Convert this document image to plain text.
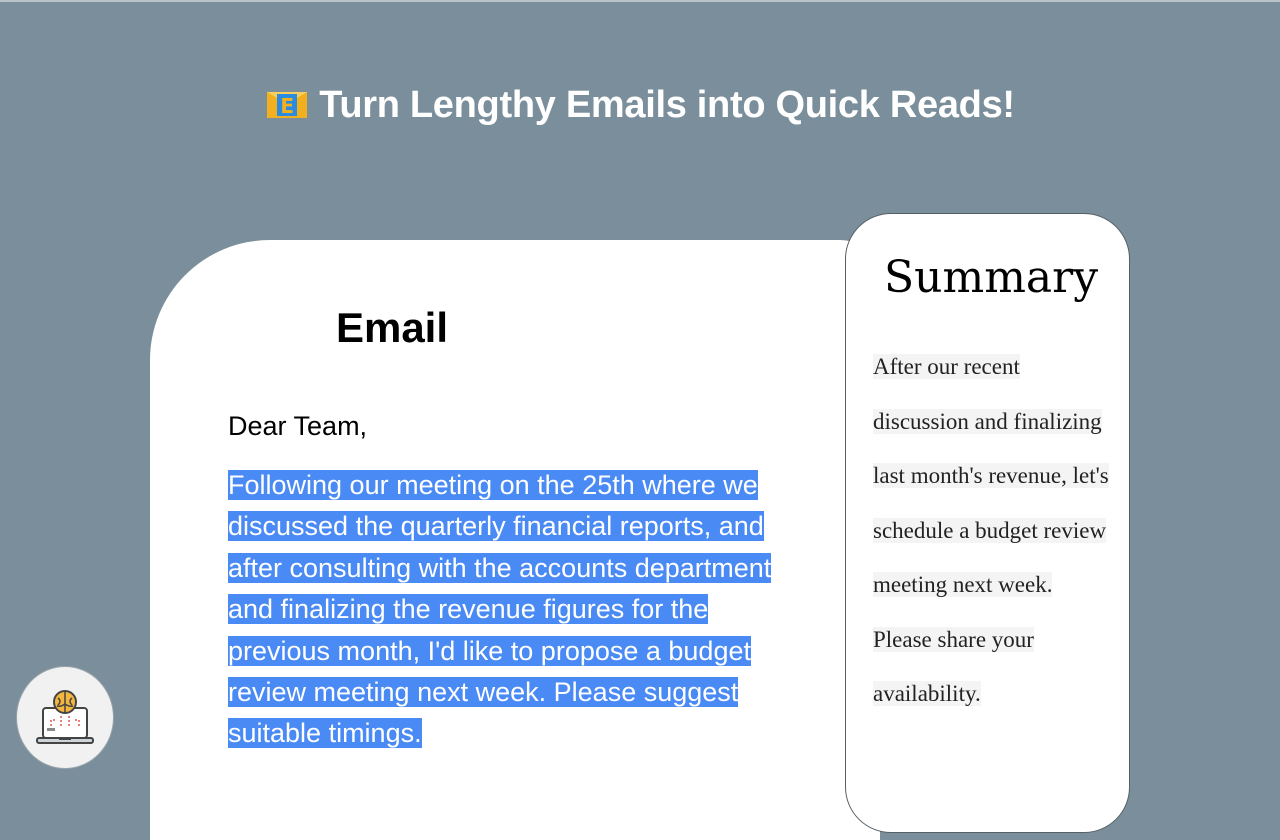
E Turn Lengthy Emails into Quick Reads!
Email
Dear Team,
Following our meeting on the 25th where we discussed the quarterly financial reports, and after consulting with the accounts department and finalizing the revenue figures for the previous month, I'd like to propose a budget review meeting next week. Please suggest suitable timings.
Summary
After our recent discussion and finalizing last month's revenue, let's schedule a budget review meeting next week. Please share your availability.
